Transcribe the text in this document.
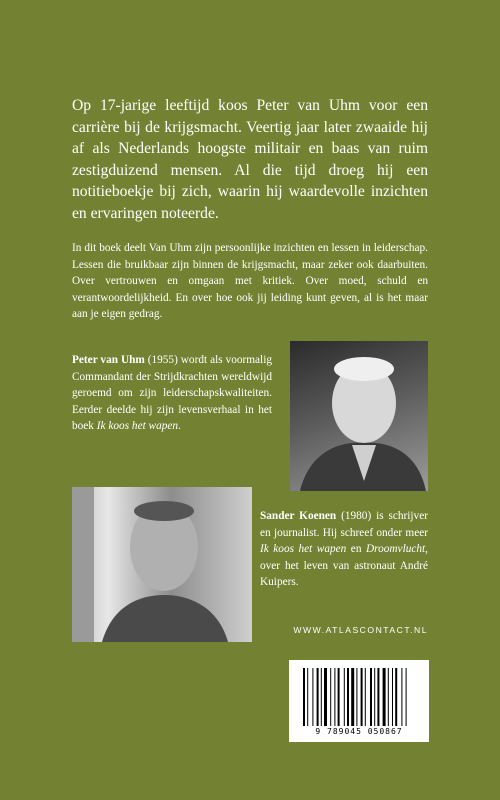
Op 17-jarige leeftijd koos Peter van Uhm voor een carrière bij de krijgsmacht. Veertig jaar later zwaaide hij af als Nederlands hoogste militair en baas van ruim zestigduizend mensen. Al die tijd droeg hij een notitieboekje bij zich, waarin hij waardevolle inzichten en ervaringen noteerde.

In dit boek deelt Van Uhm zijn persoonlijke inzichten en lessen in leiderschap. Lessen die bruikbaar zijn binnen de krijgsmacht, maar zeker ook daarbuiten. Over vertrouwen en omgaan met kritiek. Over moed, schuld en verantwoordelijkheid. En over hoe ook jij leiding kunt geven, al is het maar aan je eigen gedrag.

Peter van Uhm (1955) wordt als voormalig Commandant der Strijdkrachten wereldwijd geroemd om zijn leiderschapskwaliteiten. Eerder deelde hij zijn levensverhaal in het boek Ik koos het wapen.

Sander Koenen (1980) is schrijver en journalist. Hij schreef onder meer Ik koos het wapen en Droomvlucht, over het leven van astronaut André Kuipers.

WWW.ATLASCONTACT.NL

9 789045 050867
